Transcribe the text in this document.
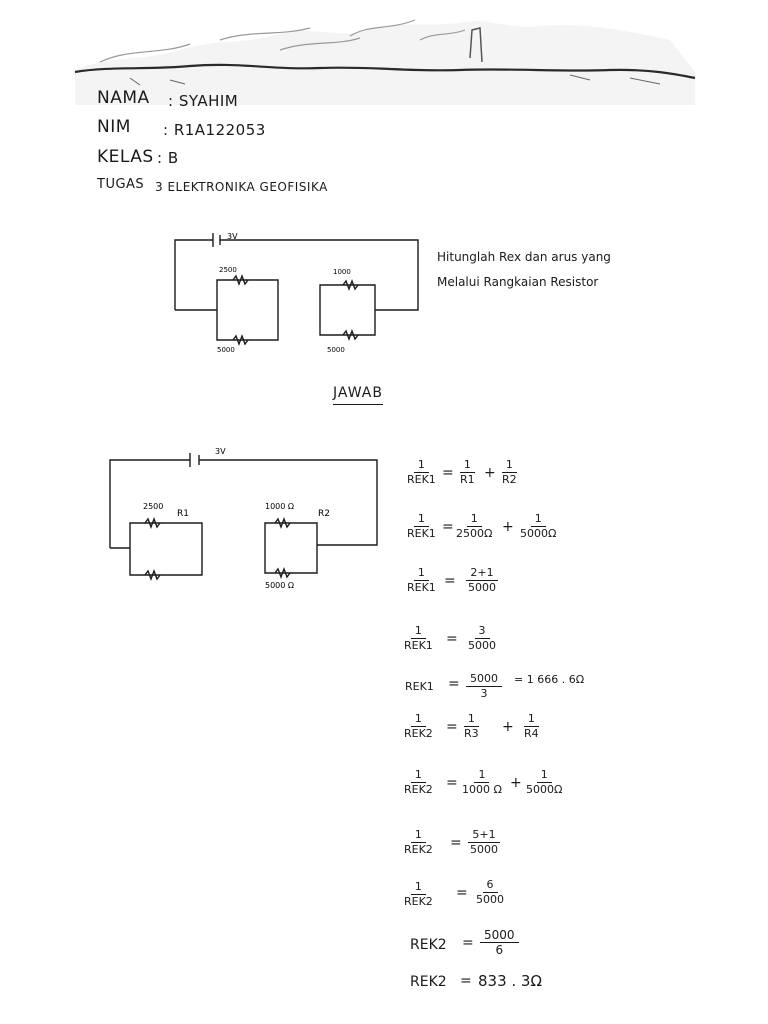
NAMA : SYAHIM
NIM : R1A122053
KELAS : B
TUGAS 3 ELEKTRONIKA GEOFISIKA
3V
2500
5000
1000
5000
Hitunglah Rex dan arus yang
Melalui Rangkaian Resistor
JAWAB
3V
2500
R1
1000 Ω
R2
5000 Ω
1
$REK1 = \frac{1}{R1} + \frac{1}{R2}$
1
REK1 =
$\frac{1}{2500\Omega} + \frac{1}{5000\Omega}$
1
$REK1 = \frac{2+1}{5000}$
1
$REK1 = \frac{3}{5000}$
$REK1 = \frac{5000}{3} = 1$ 666 . 6Ω
1
$REK2 = \frac{1}{R3} + \frac{1}{R4}$
1
$REK2 = \frac{1}{1000 \Omega} + \frac{1}{5000\Omega}$
1
$REK2 = \frac{5+1}{5000}$
1
REK2
= $\frac{6}{5000}$
$REK2 = \frac{5000}{6}$
REK2 = 833 . 3Ω
